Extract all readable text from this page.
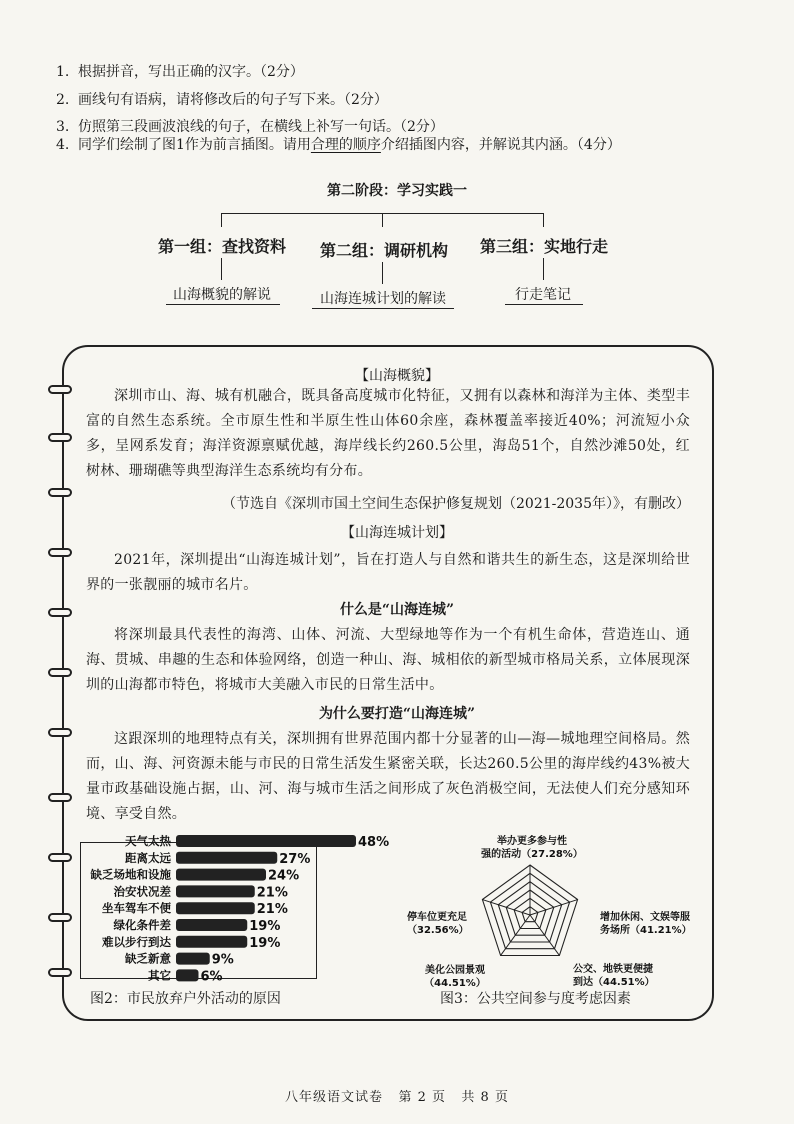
1. 根据拼音，写出正确的汉字。（2分）
2. 画线句有语病，请将修改后的句子写下来。（2分）
3. 仿照第三段画波浪线的句子，在横线上补写一句话。（2分）
4. 同学们绘制了图1作为前言插图。请用合理的顺序介绍插图内容，并解说其内涵。（4分）
第二阶段：学习实践一
第一组：查找资料 第二组：调研机构 第三组：实地行走
山海概貌的解说	山海连城计划的解读	行走笔记
【山海概貌】
深圳市山、海、城有机融合，既具备高度城市化特征，又拥有以森林和海洋为主体、类型丰富的自然生态系统。全市原生性和半原生性山体60余座，森林覆盖率接近40%；河流短小众多，呈网系发育；海洋资源禀赋优越，海岸线长约260.5公里，海岛51个，自然沙滩50处，红树林、珊瑚礁等典型海洋生态系统均有分布。
（节选自《深圳市国土空间生态保护修复规划（2021-2035年）》，有删改）
【山海连城计划】
2021年，深圳提出“山海连城计划”，旨在打造人与自然和谐共生的新生态，这是深圳给世界的一张靓丽的城市名片。
什么是“山海连城”
将深圳最具代表性的海湾、山体、河流、大型绿地等作为一个有机生命体，营造连山、通海、贯城、串趣的生态和体验网络，创造一种山、海、城相依的新型城市格局关系，立体展现深圳的山海都市特色，将城市大美融入市民的日常生活中。
为什么要打造“山海连城”
这跟深圳的地理特点有关，深圳拥有世界范围内都十分显著的山—海—城地理空间格局。然而，山、海、河资源未能与市民的日常生活发生紧密关联，长达260.5公里的海岸线约43%被大量市政基础设施占据，山、河、海与城市生活之间形成了灰色消极空间，无法使人们充分感知环境、享受自然。
天气太热	48%
距离太远	27%
缺乏场地和设施	24%
治安状况差	21%
坐车驾车不便	21%
绿化条件差	19%
难以步行到达	19%
缺乏新意	9%
其它 6%
图2：市民放弃户外活动的原因
举办更多参与性
强的活动（27.28%）
增加休闲、文娱等服
务场所（41.21%）
公交、地铁更便捷
到达（44.51%）
美化公园景观
（44.51%）
停车位更充足
（32.56%）
图3：公共空间参与度考虑因素
八年级语文试卷 第 2 页 共 8 页
